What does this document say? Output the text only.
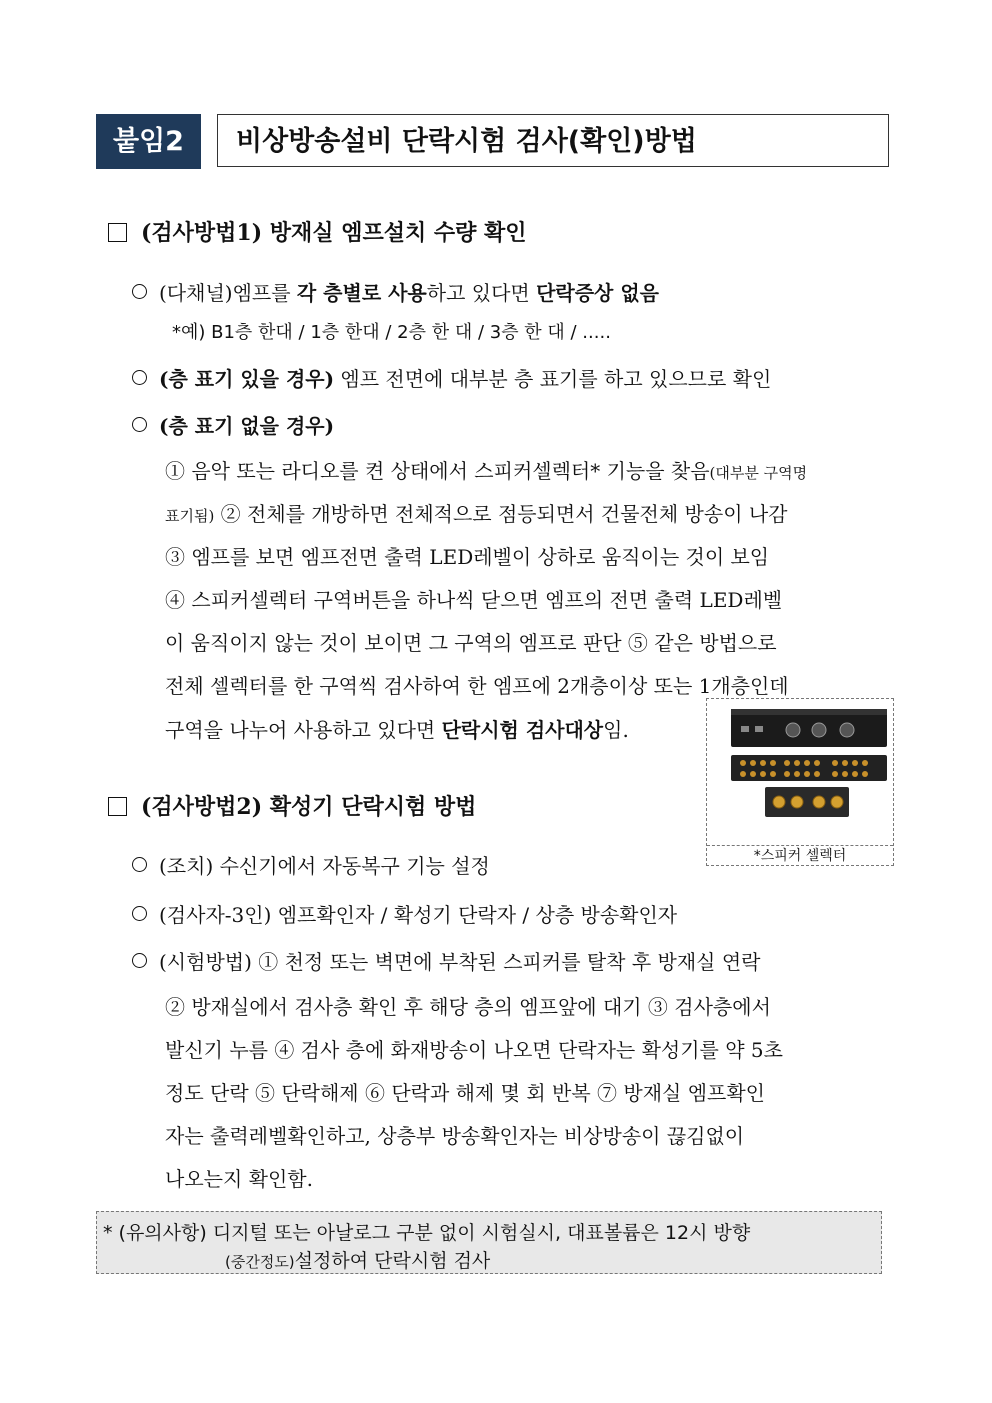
붙임2	비상방송설비 단락시험 검사(확인)방법
(검사방법1) 방재실 엠프설치 수량 확인
(다채널)엠프를 각 층별로 사용하고 있다면 단락증상 없음
*예) B1층 한대 / 1층 한대 / 2층 한 대 / 3층 한 대 / .....
(층 표기 있을 경우) 엠프 전면에 대부분 층 표기를 하고 있으므로 확인
(층 표기 없을 경우)
① 음악 또는 라디오를 켠 상태에서 스피커셀렉터* 기능을 찾음(대부분 구역명
표기됨) ② 전체를 개방하면 전체적으로 점등되면서 건물전체 방송이 나감
③ 엠프를 보면 엠프전면 출력 LED레벨이 상하로 움직이는 것이 보임
④ 스피커셀렉터 구역버튼을 하나씩 닫으면 엠프의 전면 출력 LED레벨
이 움직이지 않는 것이 보이면 그 구역의 엠프로 판단 ⑤ 같은 방법으로
전체 셀렉터를 한 구역씩 검사하여 한 엠프에 2개층이상 또는 1개층인데
구역을 나누어 사용하고 있다면 단락시험 검사대상임.
*스피커 셀렉터
(검사방법2) 확성기 단락시험 방법
(조치) 수신기에서 자동복구 기능 설정
(검사자-3인) 엠프확인자 / 확성기 단락자 / 상층 방송확인자
(시험방법) ① 천정 또는 벽면에 부착된 스피커를 탈착 후 방재실 연락
② 방재실에서 검사층 확인 후 해당 층의 엠프앞에 대기 ③ 검사층에서
발신기 누름 ④ 검사 층에 화재방송이 나오면 단락자는 확성기를 약 5초
정도 단락 ⑤ 단락해제 ⑥ 단락과 해제 몇 회 반복 ⑦ 방재실 엠프확인
자는 출력레벨확인하고, 상층부 방송확인자는 비상방송이 끊김없이
나오는지 확인함.
* (유의사항) 디지털 또는 아날로그 구분 없이 시험실시, 대표볼륨은 12시 방향
(중간정도)설정하여 단락시험 검사
